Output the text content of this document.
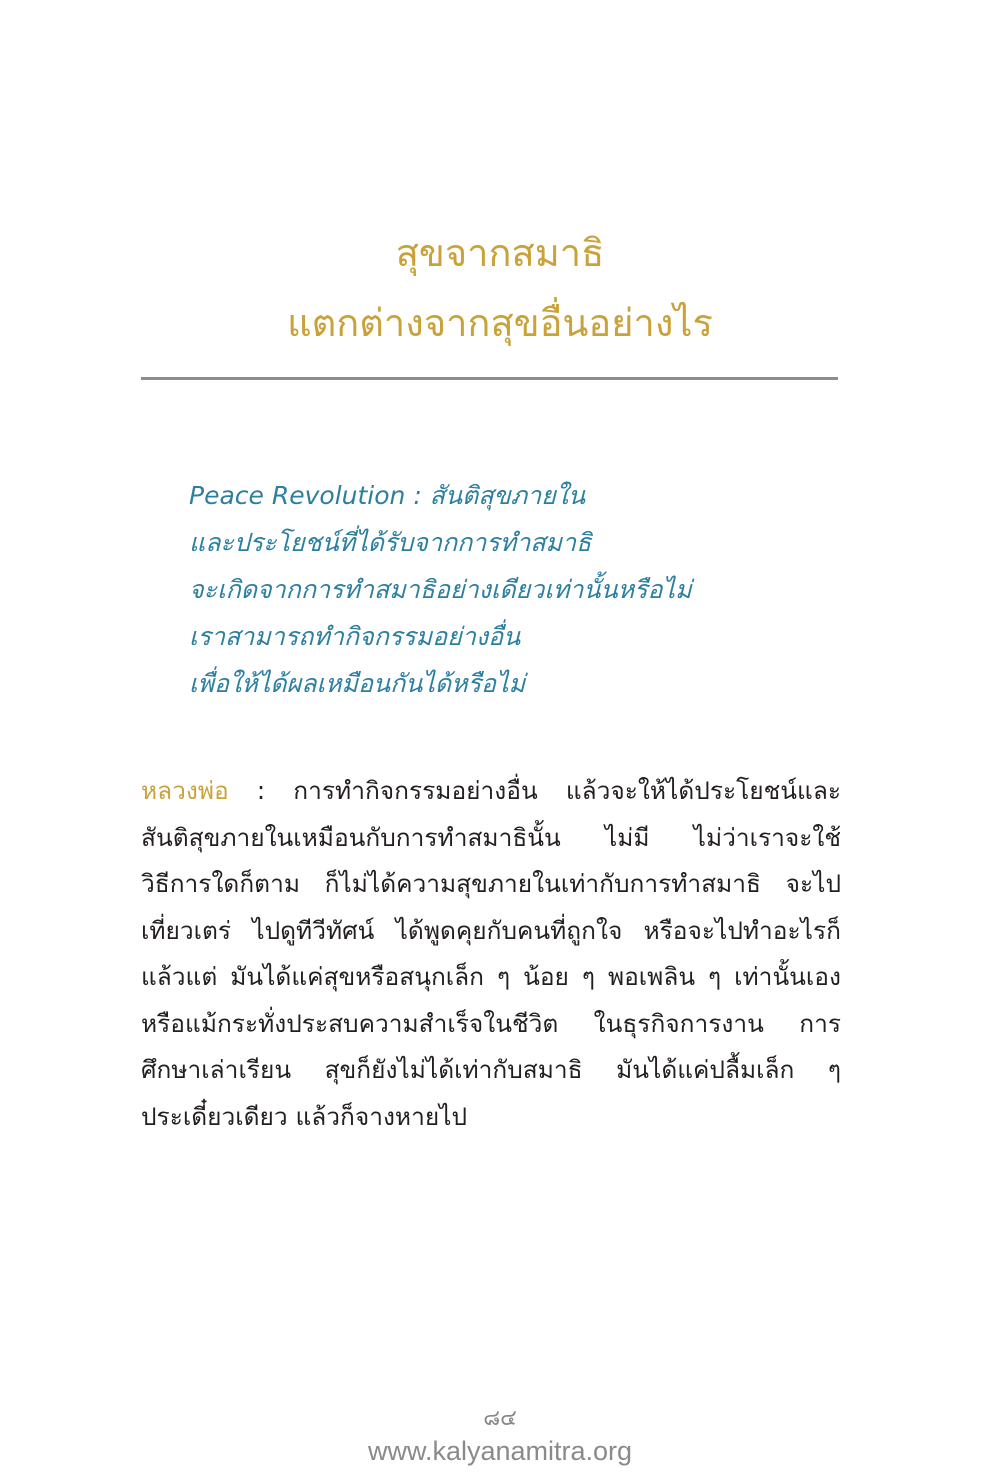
สุขจากสมาธิ
แตกต่างจากสุขอื่นอย่างไร
Peace Revolution : สันติสุขภายใน
และประโยชน์ที่ได้รับจากการทำสมาธิ
จะเกิดจากการทำสมาธิอย่างเดียวเท่านั้นหรือไม่
เราสามารถทำกิจกรรมอย่างอื่น
เพื่อให้ได้ผลเหมือนกันได้หรือไม่
หลวงพ่อ : การทำกิจกรรมอย่างอื่น แล้วจะให้ได้ประโยชน์และ
สันติสุขภายในเหมือนกับการทำสมาธินั้น ไม่มี ไม่ว่าเราจะใช้
วิธีการใดก็ตาม ก็ไม่ได้ความสุขภายในเท่ากับการทำสมาธิ จะไป
เที่ยวเตร่ ไปดูทีวีทัศน์ ได้พูดคุยกับคนที่ถูกใจ หรือจะไปทำอะไรก็
แล้วแต่ มันได้แค่สุขหรือสนุกเล็ก ๆ น้อย ๆ พอเพลิน ๆ เท่านั้นเอง
หรือแม้กระทั่งประสบความสำเร็จในชีวิต ในธุรกิจการงาน การ
ศึกษาเล่าเรียน สุขก็ยังไม่ได้เท่ากับสมาธิ มันได้แค่ปลื้มเล็ก ๆ
ประเดี๋ยวเดียว แล้วก็จางหายไป
๘๔
www.kalyanamitra.org
